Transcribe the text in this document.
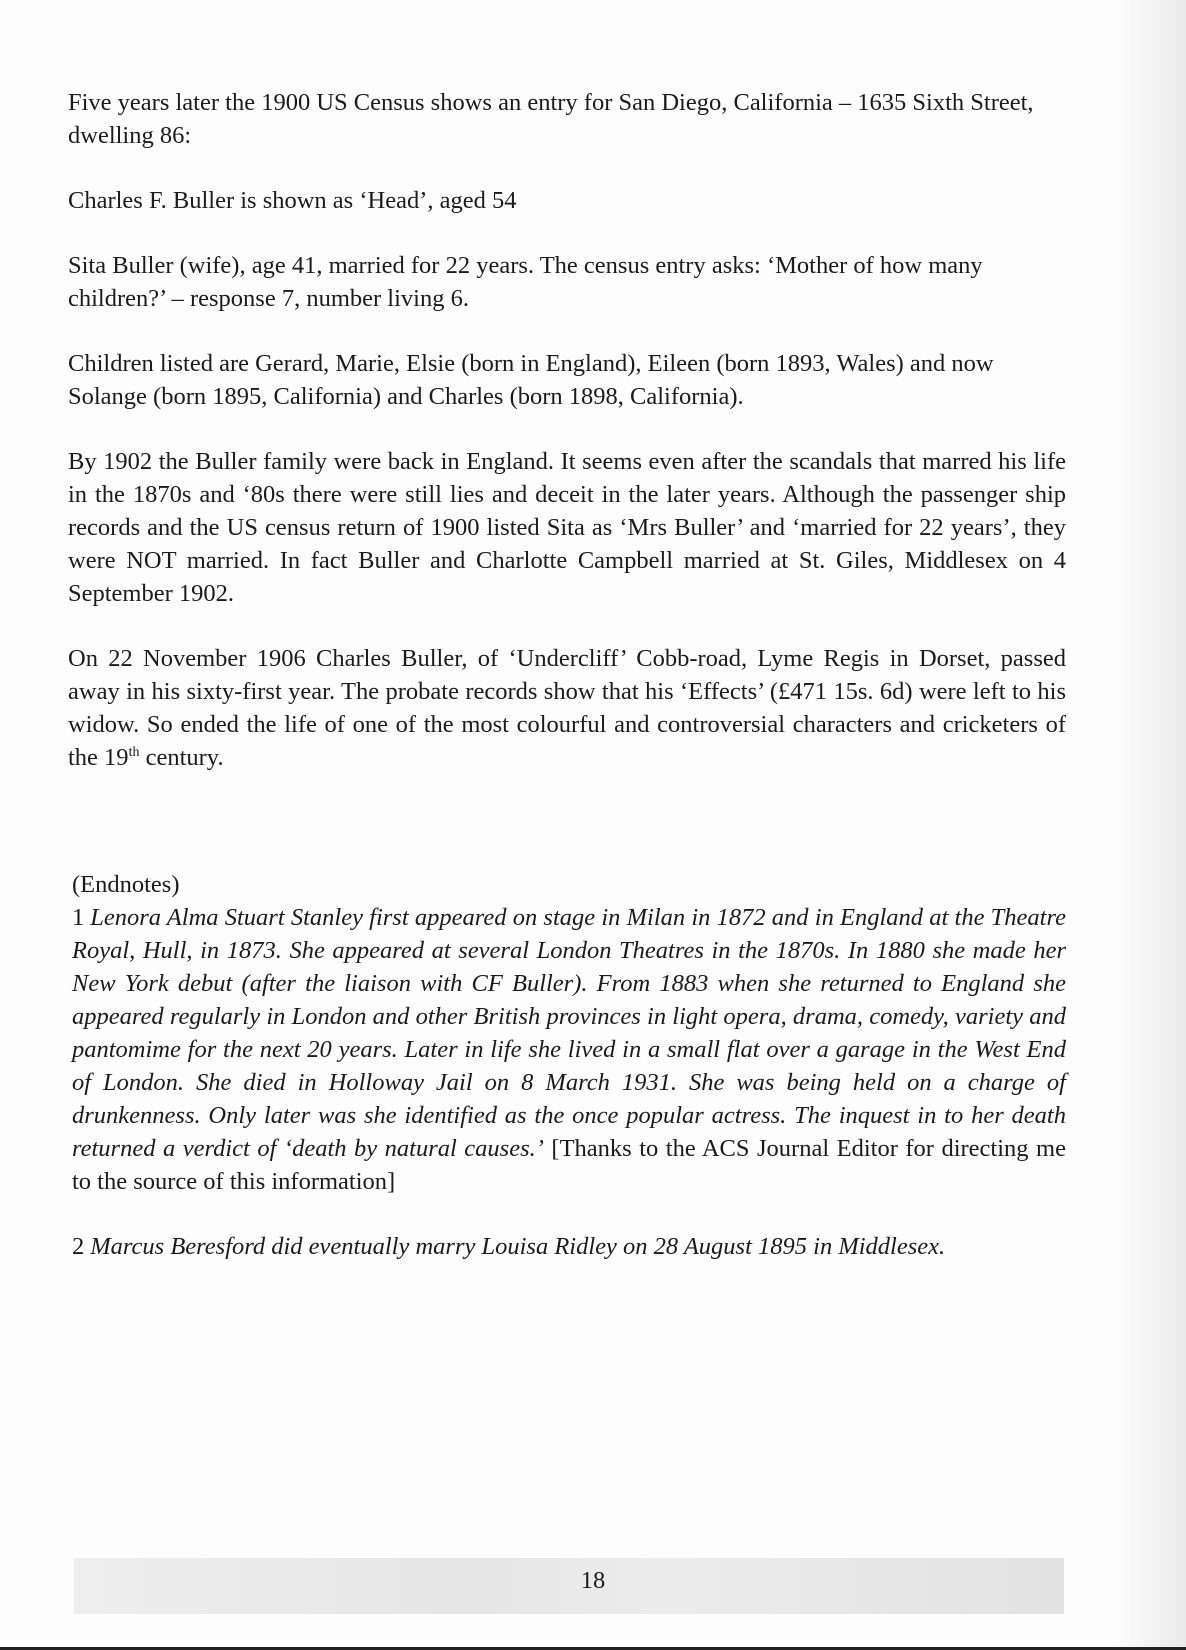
Five years later the 1900 US Census shows an entry for San Diego, California – 1635 Sixth Street, dwelling 86:

Charles F. Buller is shown as ‘Head’, aged 54

Sita Buller (wife), age 41, married for 22 years. The census entry asks: ‘Mother of how many children?’ – response 7, number living 6.

Children listed are Gerard, Marie, Elsie (born in England), Eileen (born 1893, Wales) and now Solange (born 1895, California) and Charles (born 1898, California).

By 1902 the Buller family were back in England. It seems even after the scandals that marred his life in the 1870s and ‘80s there were still lies and deceit in the later years. Although the passenger ship records and the US census return of 1900 listed Sita as ‘Mrs Buller’ and ‘married for 22 years’, they were NOT married. In fact Buller and Charlotte Campbell married at St. Giles, Middlesex on 4 September 1902.

On 22 November 1906 Charles Buller, of ‘Undercliff’ Cobb-road, Lyme Regis in Dorset, passed away in his sixty-first year. The probate records show that his ‘Effects’ (£471 15s. 6d) were left to his widow. So ended the life of one of the most colourful and controversial characters and cricketers of the 19th century.

(Endnotes)

1 Lenora Alma Stuart Stanley first appeared on stage in Milan in 1872 and in England at the Theatre Royal, Hull, in 1873. She appeared at several London Theatres in the 1870s. In 1880 she made her New York debut (after the liaison with CF Buller). From 1883 when she returned to England she appeared regularly in London and other British provinces in light opera, drama, comedy, variety and pantomime for the next 20 years. Later in life she lived in a small flat over a garage in the West End of London. She died in Holloway Jail on 8 March 1931. She was being held on a charge of drunkenness. Only later was she identified as the once popular actress. The inquest in to her death returned a verdict of ‘death by natural causes.’ [Thanks to the ACS Journal Editor for directing me to the source of this information]

2 Marcus Beresford did eventually marry Louisa Ridley on 28 August 1895 in Middlesex.

18
